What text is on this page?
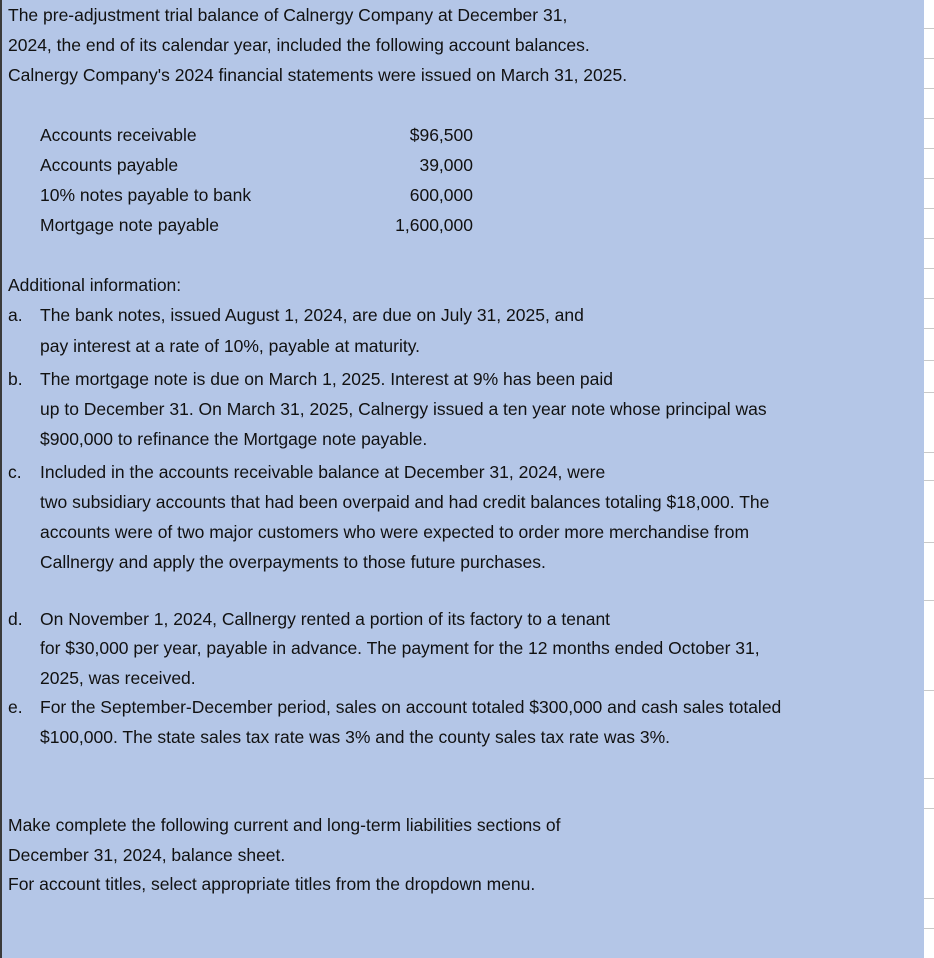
The pre-adjustment trial balance of Calnergy Company at December 31,
2024, the end of its calendar year, included the following account balances.
Calnergy Company's 2024 financial statements were issued on March 31, 2025.
Accounts receivable	$96,500
Accounts payable	39,000
10% notes payable to bank	600,000
Mortgage note payable	1,600,000
Additional information:
a. The bank notes, issued August 1, 2024, are due on July 31, 2025, and
pay interest at a rate of 10%, payable at maturity.
b. The mortgage note is due on March 1, 2025. Interest at 9% has been paid
up to December 31. On March 31, 2025, Calnergy issued a ten year note whose principal was
$900,000 to refinance the Mortgage note payable.
c. Included in the accounts receivable balance at December 31, 2024, were
two subsidiary accounts that had been overpaid and had credit balances totaling $18,000. The
accounts were of two major customers who were expected to order more merchandise from
Callnergy and apply the overpayments to those future purchases.
d. On November 1, 2024, Callnergy rented a portion of its factory to a tenant
for $30,000 per year, payable in advance. The payment for the 12 months ended October 31,
2025, was received.
e. For the September-December period, sales on account totaled $300,000 and cash sales totaled
$100,000. The state sales tax rate was 3% and the county sales tax rate was 3%.
Make complete the following current and long-term liabilities sections of
December 31, 2024, balance sheet.
For account titles, select appropriate titles from the dropdown menu.
